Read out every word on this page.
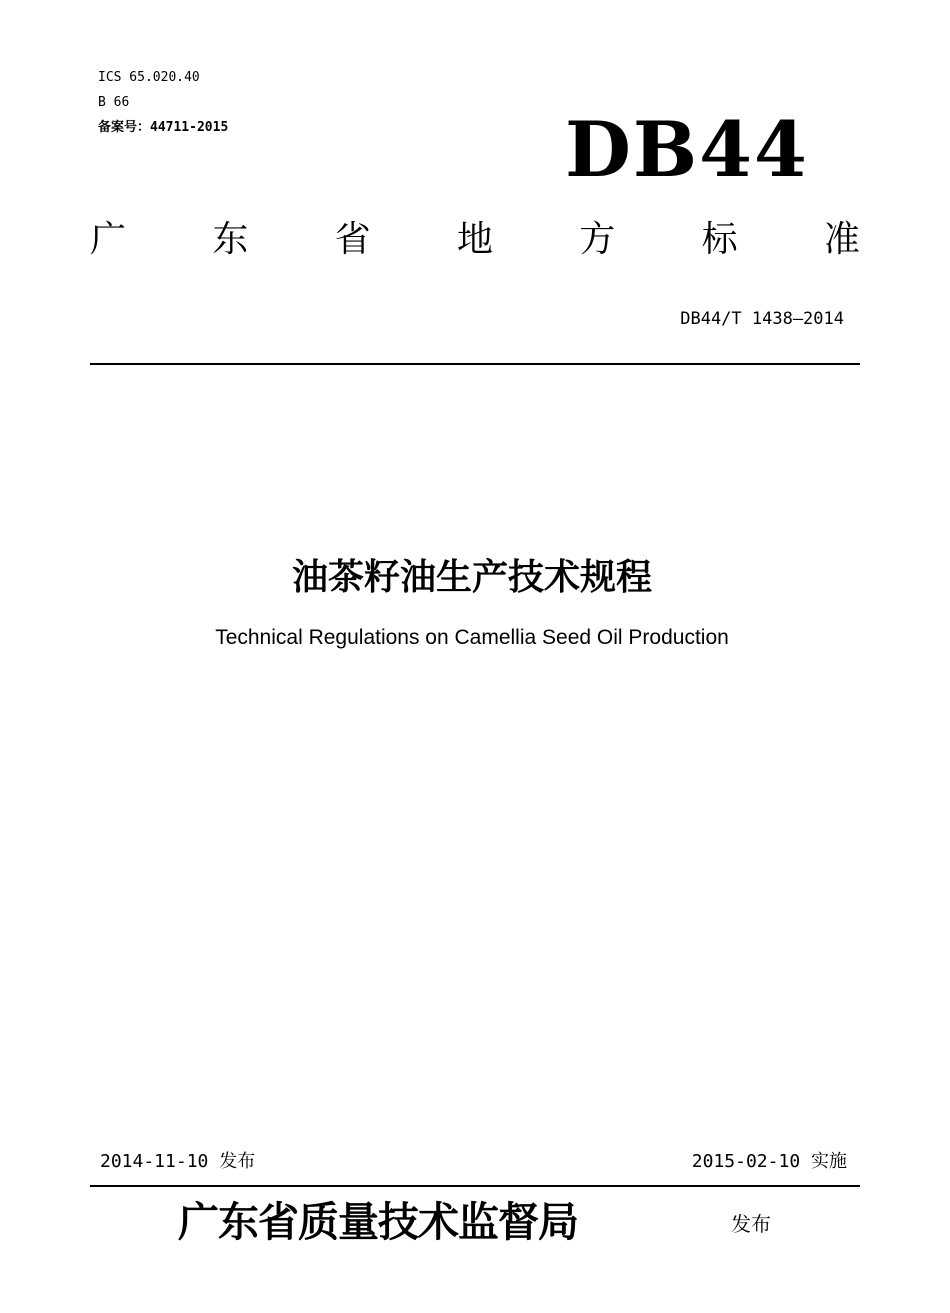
ICS 65.020.40
B 66
备案号：44711-2015	DB44
广 东 省 地 方 标 准
DB44/T 1438—2014
油茶籽油生产技术规程
Technical Regulations on Camellia Seed Oil Production
2014-11-10 发布	2015-02-10 实施
广东省质量技术监督局	发布
